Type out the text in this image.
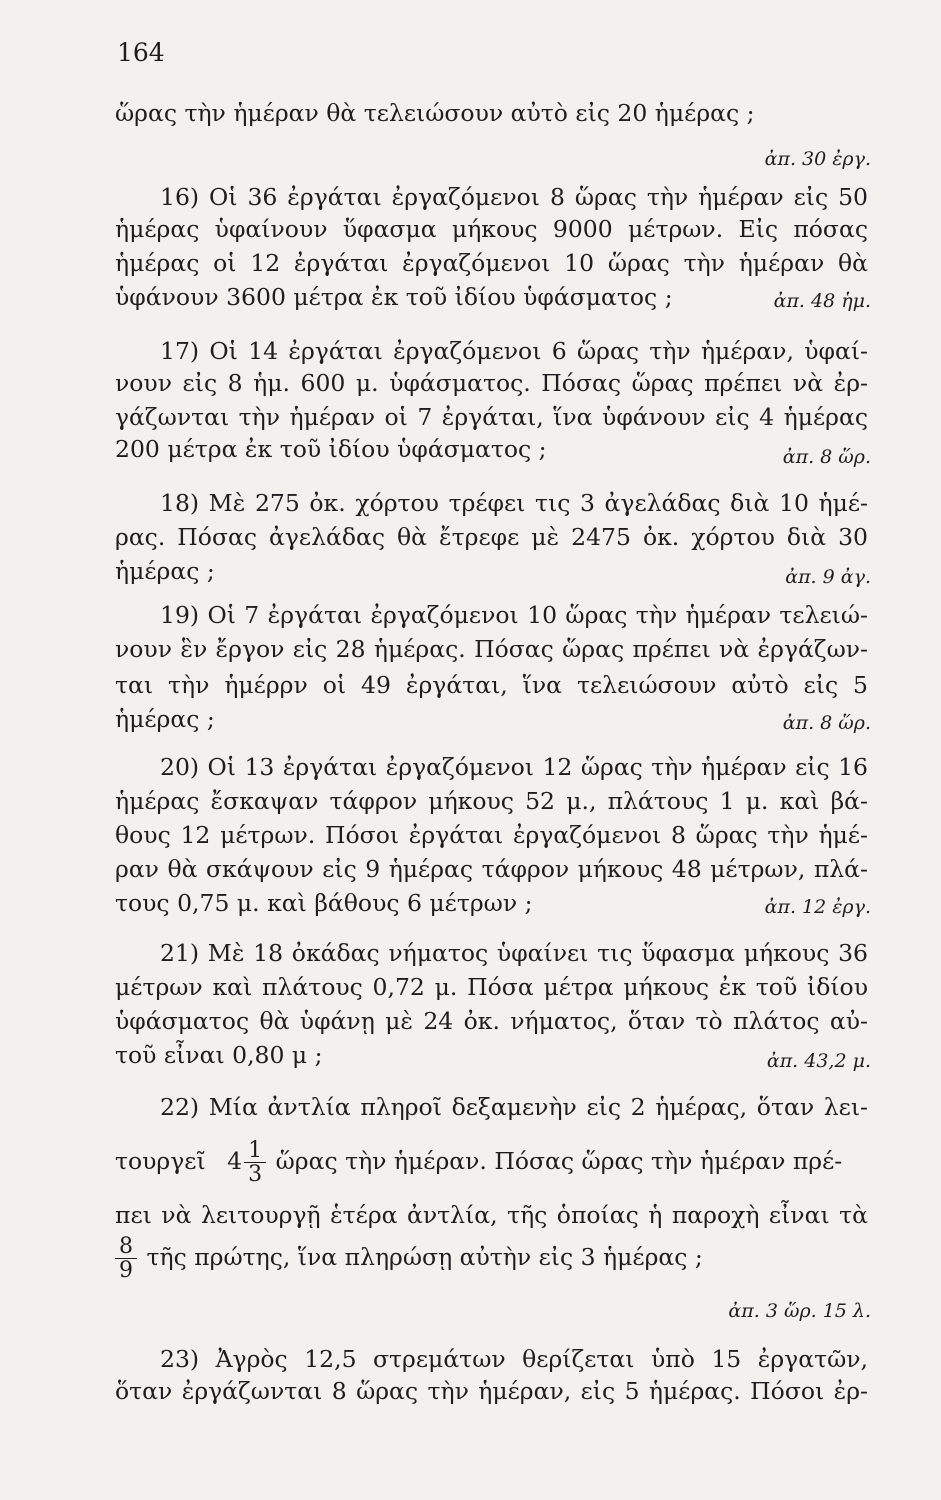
164
ὥρας τὴν ἡμέραν θὰ τελειώσουν αὐτὸ εἰς 20 ἡμέρας ;
ἀπ. 30 ἐργ.
16) Οἱ 36 ἐργάται ἐργαζόμενοι 8 ὥρας τὴν ἡμέραν εἰς 50
ἡμέρας ὑφαίνουν ὕφασμα μήκους 9000 μέτρων. Εἰς πόσας
ἡμέρας οἱ 12 ἐργάται ἐργαζόμενοι 10 ὥρας τὴν ἡμέραν θὰ
ὑφάνουν 3600 μέτρα ἐκ τοῦ ἰδίου ὑφάσματος ;	ἀπ. 48 ἡμ.
17) Οἱ 14 ἐργάται ἐργαζόμενοι 6 ὥρας τὴν ἡμέραν, ὑφαί-
νουν εἰς 8 ἡμ. 600 μ. ὑφάσματος. Πόσας ὥρας πρέπει νὰ ἐρ-
γάζωνται τὴν ἡμέραν οἱ 7 ἐργάται, ἵνα ὑφάνουν εἰς 4 ἡμέρας
200 μέτρα ἐκ τοῦ ἰδίου ὑφάσματος ;	ἀπ. 8 ὥρ.
18) Μὲ 275 ὀκ. χόρτου τρέφει τις 3 ἀγελάδας διὰ 10 ἡμέ-
ρας. Πόσας ἀγελάδας θὰ ἔτρεφε μὲ 2475 ὀκ. χόρτου διὰ 30
ἡμέρας ;	ἀπ. 9 ἀγ.
19) Οἱ 7 ἐργάται ἐργαζόμενοι 10 ὥρας τὴν ἡμέραν τελειώ-
νουν ἓν ἔργον εἰς 28 ἡμέρας. Πόσας ὥρας πρέπει νὰ ἐργάζων-
ται τὴν ἡμέρρν οἱ 49 ἐργάται, ἵνα τελειώσουν αὐτὸ εἰς 5
ἡμέρας ;	ἀπ. 8 ὥρ.
20) Οἱ 13 ἐργάται ἐργαζόμενοι 12 ὥρας τὴν ἡμέραν εἰς 16
ἡμέρας ἔσκαψαν τάφρον μήκους 52 μ., πλάτους 1 μ. καὶ βά-
θους 12 μέτρων. Πόσοι ἐργάται ἐργαζόμενοι 8 ὥρας τὴν ἡμέ-
ραν θὰ σκάψουν εἰς 9 ἡμέρας τάφρον μήκους 48 μέτρων, πλά-
τους 0,75 μ. καὶ βάθους 6 μέτρων ;	ἀπ. 12 ἐργ.
21) Μὲ 18 ὀκάδας νήματος ὑφαίνει τις ὕφασμα μήκους 36
μέτρων καὶ πλάτους 0,72 μ. Πόσα μέτρα μήκους ἐκ τοῦ ἰδίου
ὑφάσματος θὰ ὑφάνῃ μὲ 24 ὀκ. νήματος, ὅταν τὸ πλάτος αὐ-
τοῦ εἶναι 0,80 μ ;	ἀπ. 43,2 μ.
22) Μία ἀντλία πληροῖ δεξαμενὴν εἰς 2 ἡμέρας, ὅταν λει-
τουργεῖ $4 \frac{1}{3}$ ὥρας τὴν ἡμέραν. Πόσας ὥρας τὴν ἡμέραν πρέ-
πει νὰ λειτουργῇ ἑτέρα ἀντλία, τῆς ὁποίας ἡ παροχὴ εἶναι τὰ
$\frac{8}{9}$ τῆς πρώτης, ἵνα πληρώσῃ αὐτὴν εἰς 3 ἡμέρας ;
ἀπ. 3 ὥρ. 15 λ.
23) Ἀγρὸς 12,5 στρεμάτων θερίζεται ὑπὸ 15 ἐργατῶν,
ὅταν ἐργάζωνται 8 ὥρας τὴν ἡμέραν, εἰς 5 ἡμέρας. Πόσοι ἐρ-
